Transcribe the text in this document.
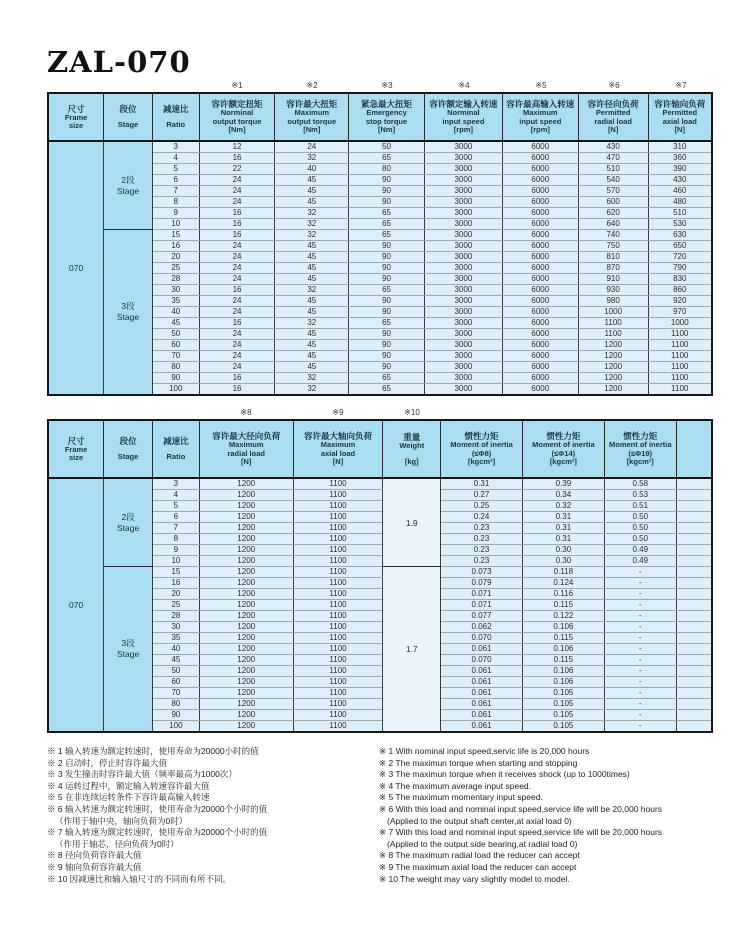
ZAL-070
※1	※2	※3	※4	※5	※6	※7
尺寸
Frame
size

段位
Stage

减速比
Ratio

容许额定扭矩
Norminal
output torque
[Nm]

容许最大扭矩
Maximum
output torque
[Nm]

紧急最大扭矩
Emergency
stop torque
[Nm]

容许额定输入转速
Norminal
input speed
[rpm]

容许最高输入转速
Maximum
input speed
[rpm]

容许径向负荷
Permitted
radial load
[N]

容许轴向负荷
Permitted
axial load
[N]

070	2段
Stage	3	12	24	50	3000	6000	430	310
		4	16	32	65	3000	6000	470	360
		5	22	40	80	3000	6000	510	390
		6	24	45	90	3000	6000	540	430
		7	24	45	90	3000	6000	570	460
		8	24	45	90	3000	6000	600	480
		9	16	32	65	3000	6000	620	510
		10	16	32	65	3000	6000	640	530

	3段
Stage	15	16	32	65	3000	6000	740	630
		16	24	45	90	3000	6000	750	650
		20	24	45	90	3000	6000	810	720
		25	24	45	90	3000	6000	870	790
		28	24	45	90	3000	6000	910	830
		30	16	32	65	3000	6000	930	860
		35	24	45	90	3000	6000	980	920
		40	24	45	90	3000	6000	1000	970
		45	16	32	65	3000	6000	1100	1000
		50	24	45	90	3000	6000	1100	1100
		60	24	45	90	3000	6000	1200	1100
		70	24	45	90	3000	6000	1200	1100
		80	24	45	90	3000	6000	1200	1100
		90	16	32	65	3000	6000	1200	1100
		100	16	32	65	3000	6000	1200	1100
※8	※9	※10
尺寸
Frame
size

段位
Stage

减速比
Ratio

容许最大径向负荷
Maximum
radial load
[N]

容许最大轴向负荷
Maximum
axial load
[N]

重量
Weight
[kg]

惯性力矩
Moment of inertia
(≤Φ8)
[kgcm²]

惯性力矩
Moment of inertia
(≤Φ14)
[kgcm²]

惯性力矩
Moment of inertia
(≤Φ19)
[kgcm²]

070	2段
Stage	3	1200	1100	1.9	0.31	0.39	0.58	
		4	1200	1100		0.27	0.34	0.53	
		5	1200	1100		0.25	0.32	0.51	
		6	1200	1100		0.24	0.31	0.50	
		7	1200	1100		0.23	0.31	0.50	
		8	1200	1100		0.23	0.31	0.50	
		9	1200	1100		0.23	0.30	0.49	
		10	1200	1100		0.23	0.30	0.49	

	3段
Stage	15	1200	1100	1.7	0.073	0.118	-	
		16	1200	1100		0.079	0.124	-	
		20	1200	1100		0.071	0.116	-	
		25	1200	1100		0.071	0.115	-	
		28	1200	1100		0.077	0.122	-	
		30	1200	1100		0.062	0.106	-	
		35	1200	1100		0.070	0.115	-	
		40	1200	1100		0.061	0.106	-	
		45	1200	1100		0.070	0.115	-	
		50	1200	1100		0.061	0.106	-	
		60	1200	1100		0.061	0.106	-	
		70	1200	1100		0.061	0.105	-	
		80	1200	1100		0.061	0.105	-	
		90	1200	1100		0.061	0.105	-	
		100	1200	1100		0.061	0.105	-	
※ 1 输入转速为额定转速时，使用寿命为20000小时的值
※ 2 启动时，停止时容许最大值
※ 3 发生撞击时容许最大值（频率最高为1000次）
※ 4 运转过程中，额定输入转速容许最大值
※ 5 在非连续运转条件下容许最高输入转速
※ 6 输入转速为额定转速时，使用寿命为20000个小时的值
（作用于轴中央，轴向负荷为0时）
※ 7 输入转速为额定转速时，使用寿命为20000个小时的值
（作用于轴芯，径向负荷为0时）
※ 8 径向负荷容许最大值
※ 9 轴向负荷容许最大值
※ 10 因减速比和输入轴尺寸的不同而有所不同。
※ 1 With nominal input speed,servic life is 20,000 hours
※ 2 The maximun torque when starting and stopping
※ 3 The maximun torque when it receives shock (up to 1000times)
※ 4 The maximum average input speed.
※ 5 The maximum momentary input speed.
※ 6 With this load and nominal input speed,service life will be 20,000 hours
(Applied to the output shaft center,at axial load 0)
※ 7 With this load and nominal input speed,service life will be 20,000 hours
(Applied to the output side bearing,at radial load 0)
※ 8 The maximum radial load the reducer can accept
※ 9 The maximum axial load the reducer can accept
※ 10 The weight may vary slightly model to model.
